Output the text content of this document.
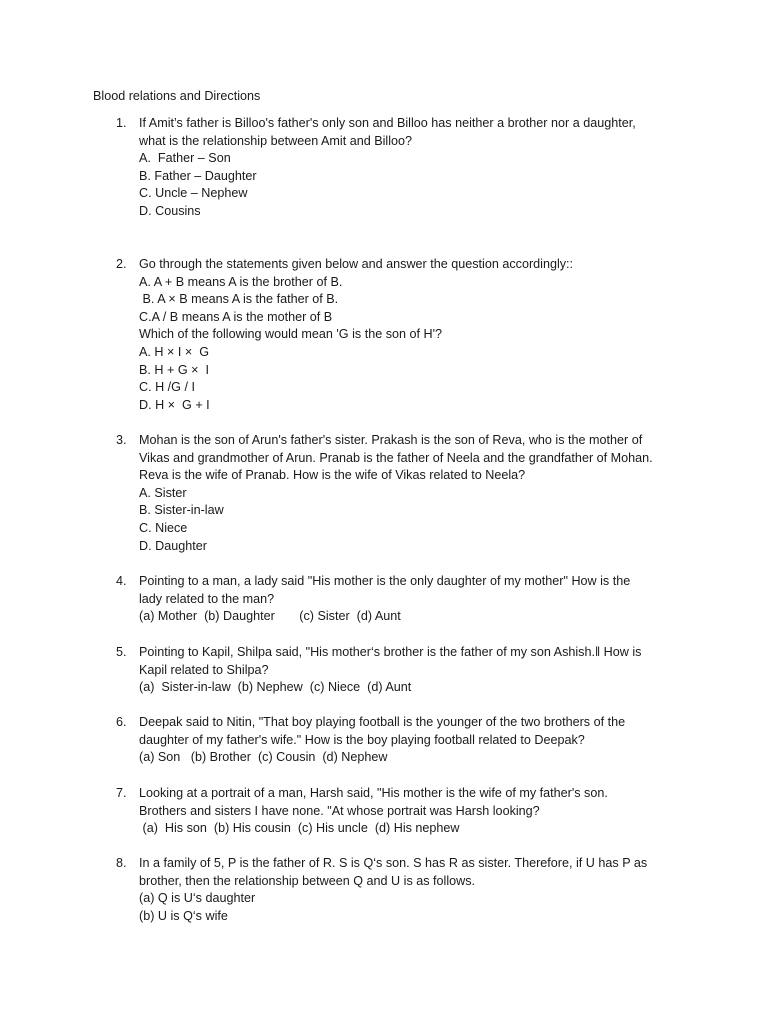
Blood relations and Directions
1. If Amit’s father is Billoo's father's only son and Billoo has neither a brother nor a daughter,
what is the relationship between Amit and Billoo?
A.  Father – Son
B. Father – Daughter
C. Uncle – Nephew
D. Cousins
2. Go through the statements given below and answer the question accordingly::
A. A + B means A is the brother of B.
B. A × B means A is the father of B.
C.A / B means A is the mother of B
Which of the following would mean 'G is the son of H'?
A. H × I ×  G
B. H + G ×  I
C. H /G / I
D. H ×  G + I
3. Mohan is the son of Arun's father's sister. Prakash is the son of Reva, who is the mother of
Vikas and grandmother of Arun. Pranab is the father of Neela and the grandfather of Mohan.
Reva is the wife of Pranab. How is the wife of Vikas related to Neela?
A. Sister
B. Sister-in-law
C. Niece
D. Daughter
4. Pointing to a man, a lady said "His mother is the only daughter of my mother" How is the
lady related to the man?
(a) Mother  (b) Daughter       (c) Sister  (d) Aunt
5. Pointing to Kapil, Shilpa said, "His mother‘s brother is the father of my son Ashish.‖ How is
Kapil related to Shilpa?
(a)  Sister-in-law  (b) Nephew  (c) Niece  (d) Aunt
6. Deepak said to Nitin, "That boy playing football is the younger of the two brothers of the
daughter of my father's wife." How is the boy playing football related to Deepak?
(a) Son   (b) Brother  (c) Cousin  (d) Nephew
7. Looking at a portrait of a man, Harsh said, "His mother is the wife of my father's son.
Brothers and sisters I have none. "At whose portrait was Harsh looking?
(a)  His son  (b) His cousin  (c) His uncle  (d) His nephew
8. In a family of 5, P is the father of R. S is Q‘s son. S has R as sister. Therefore, if U has P as
brother, then the relationship between Q and U is as follows.
(a) Q is U‘s daughter
(b) U is Q‘s wife
